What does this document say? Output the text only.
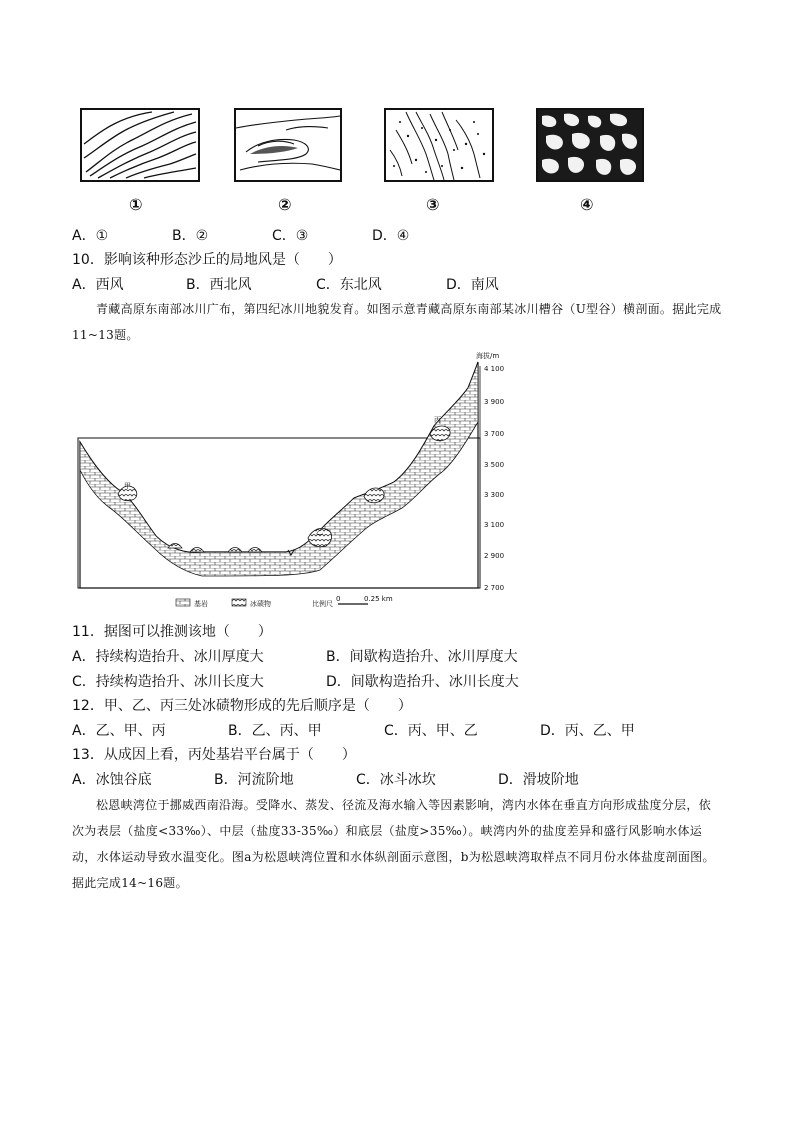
①	②	③	④
A．①	B．②	C．③	D．④
10．影响该种形态沙丘的局地风是（　　）
A．西风	B．西北风	C．东北风	D．南风
青藏高原东南部冰川广布，第四纪冰川地貌发育。如图示意青藏高原东南部某冰川槽谷（U型谷）横剖面。据此完成11~13题。
甲
乙
丙
海拔/m
4 100
3 900
3 700
3 500
3 300
3 100
2 900
2 700
基岩	冰碛物	比例尺
0	0.25 km
11．据图可以推测该地（　　）
A．持续构造抬升、冰川厚度大	B．间歇构造抬升、冰川厚度大
C．持续构造抬升、冰川长度大	D．间歇构造抬升、冰川长度大
12．甲、乙、丙三处冰碛物形成的先后顺序是（　　）
A．乙、甲、丙	B．乙、丙、甲	C．丙、甲、乙	D．丙、乙、甲
13．从成因上看，丙处基岩平台属于（　　）
A．冰蚀谷底	B．河流阶地	C．冰斗冰坎	D．滑坡阶地
松恩峡湾位于挪威西南沿海。受降水、蒸发、径流及海水输入等因素影响，湾内水体在垂直方向形成盐度分层，依次为表层（盐度<33‰）、中层（盐度33-35‰）和底层（盐度>35‰）。峡湾内外的盐度差异和盛行风影响水体运动，水体运动导致水温变化。图a为松恩峡湾位置和水体纵剖面示意图，b为松恩峡湾取样点不同月份水体盐度剖面图。据此完成14~16题。
